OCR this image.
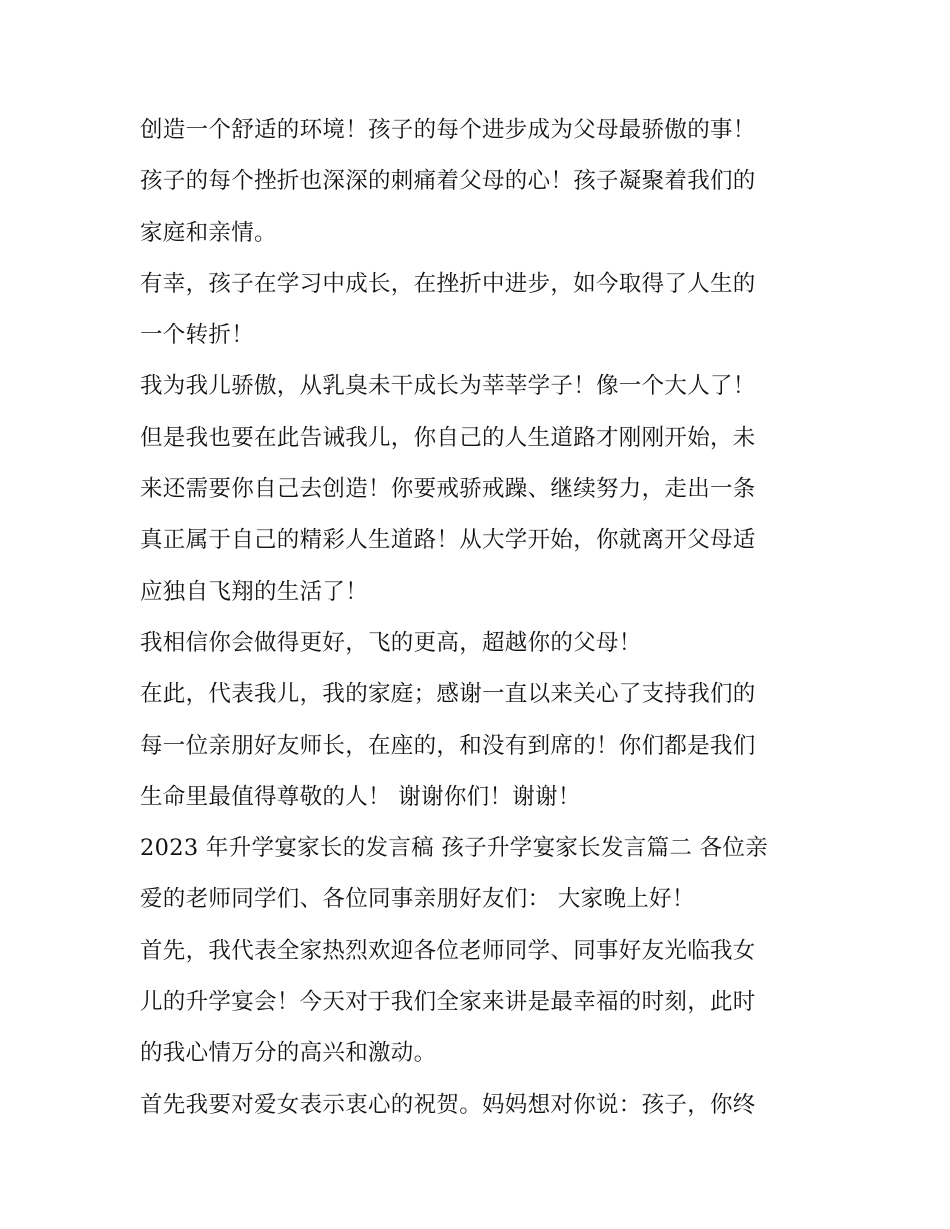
创造一个舒适的环境！孩子的每个进步成为父母最骄傲的事！
孩子的每个挫折也深深的刺痛着父母的心！孩子凝聚着我们的
家庭和亲情。
有幸，孩子在学习中成长，在挫折中进步，如今取得了人生的
一个转折！
我为我儿骄傲，从乳臭未干成长为莘莘学子！像一个大人了！
但是我也要在此告诫我儿，你自己的人生道路才刚刚开始，未
来还需要你自己去创造！你要戒骄戒躁、继续努力，走出一条
真正属于自己的精彩人生道路！从大学开始，你就离开父母适
应独自飞翔的生活了！
我相信你会做得更好，飞的更高，超越你的父母！
在此，代表我儿，我的家庭；感谢一直以来关心了支持我们的
每一位亲朋好友师长，在座的，和没有到席的！你们都是我们
生命里最值得尊敬的人！ 谢谢你们！谢谢！
2023 年升学宴家长的发言稿 孩子升学宴家长发言篇二 各位亲
爱的老师同学们、各位同事亲朋好友们： 大家晚上好！
首先，我代表全家热烈欢迎各位老师同学、同事好友光临我女
儿的升学宴会！今天对于我们全家来讲是最幸福的时刻，此时
的我心情万分的高兴和激动。
首先我要对爱女表示衷心的祝贺。妈妈想对你说：孩子，你终
